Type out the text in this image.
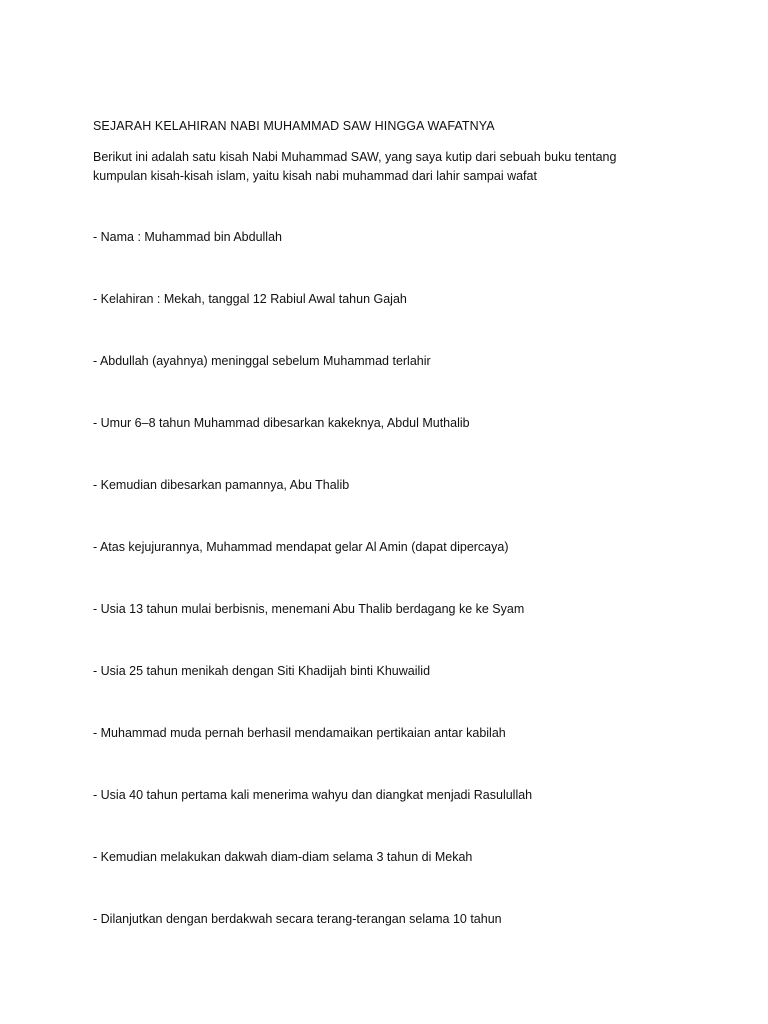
SEJARAH KELAHIRAN NABI MUHAMMAD SAW HINGGA WAFATNYA
Berikut ini adalah satu kisah Nabi Muhammad SAW, yang saya kutip dari sebuah buku tentang
kumpulan kisah-kisah islam, yaitu kisah nabi muhammad dari lahir sampai wafat
- Nama : Muhammad bin Abdullah
- Kelahiran : Mekah, tanggal 12 Rabiul Awal tahun Gajah
- Abdullah (ayahnya) meninggal sebelum Muhammad terlahir
- Umur 6–8 tahun Muhammad dibesarkan kakeknya, Abdul Muthalib
- Kemudian dibesarkan pamannya, Abu Thalib
- Atas kejujurannya, Muhammad mendapat gelar Al Amin (dapat dipercaya)
- Usia 13 tahun mulai berbisnis, menemani Abu Thalib berdagang ke ke Syam
- Usia 25 tahun menikah dengan Siti Khadijah binti Khuwailid
- Muhammad muda pernah berhasil mendamaikan pertikaian antar kabilah
- Usia 40 tahun pertama kali menerima wahyu dan diangkat menjadi Rasulullah
- Kemudian melakukan dakwah diam-diam selama 3 tahun di Mekah
- Dilanjutkan dengan berdakwah secara terang-terangan selama 10 tahun
